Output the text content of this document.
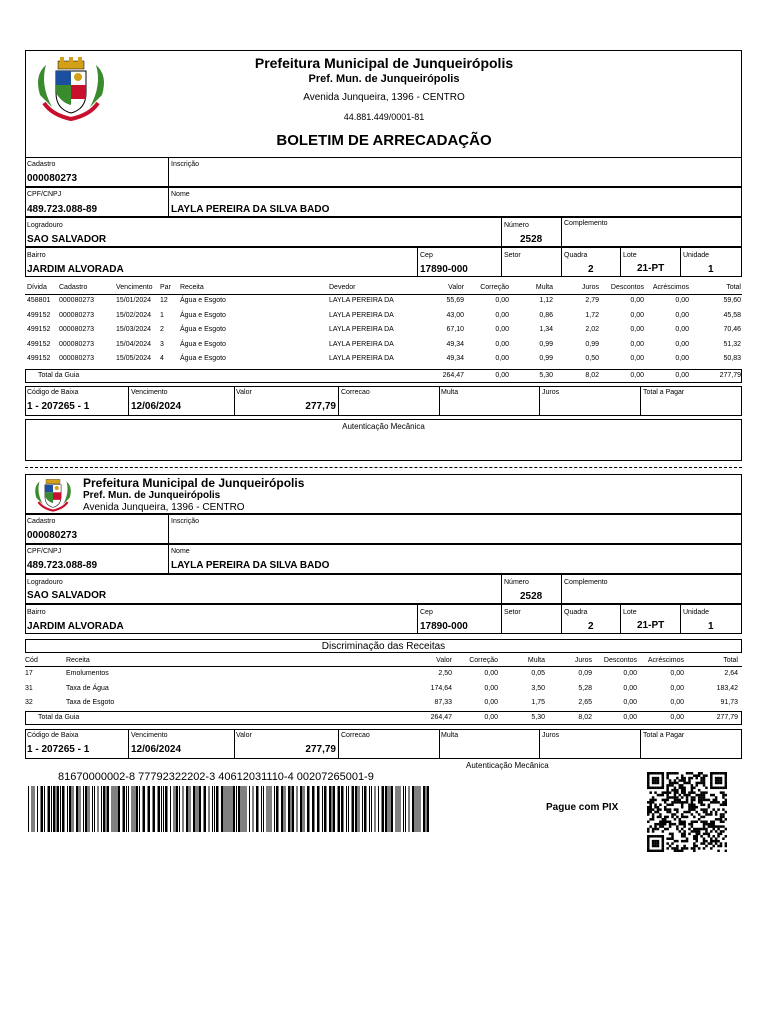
Prefeitura Municipal de Junqueirópolis
Pref. Mun. de Junqueirópolis
Avenida Junqueira, 1396 - CENTRO
44.881.449/0001-81
BOLETIM DE ARRECADAÇÃO
Cadastro
000080273
Inscrição
CPF/CNPJ
489.723.088-89
Nome
LAYLA PEREIRA DA SILVA BADO
Logradouro
SAO SALVADOR
Número
2528
Complemento
Bairro
JARDIM ALVORADA
Cep
17890-000
Setor	Quadra
2
Lote
21-PT
Unidade
1
Total da Guia
Autenticação Mecânica
Prefeitura Municipal de Junqueirópolis
Pref. Mun. de Junqueirópolis
Avenida Junqueira, 1396 - CENTRO
Cadastro
000080273
Inscrição
CPF/CNPJ
489.723.088-89
Nome
LAYLA PEREIRA DA SILVA BADO
Logradouro
SAO SALVADOR
Número
2528
Complemento
Bairro
JARDIM ALVORADA
Cep
17890-000
Setor	Quadra
2
Lote
21-PT
Unidade
1
Discriminação das Receitas
Total da Guia
Autenticação Mecânica
81670000002-8 77792322202-3 40612031110-4 00207265001-9
Pague com PIX
Dívida Cadastro	Vencimento Par Receita	Devedor	Valor Correção	Multa	Juros Descontos Acréscimos	Total
458801 000080273	15/01/2024 12 Água e Esgoto	LAYLA PEREIRA DA	55,69	0,00	1,12	2,79	0,00	0,00	59,60
499152 000080273	15/02/2024 1 Água e Esgoto	LAYLA PEREIRA DA	43,00	0,00	0,86	1,72	0,00	0,00	45,58
499152 000080273	15/03/2024 2 Água e Esgoto	LAYLA PEREIRA DA	67,10	0,00	1,34	2,02	0,00	0,00	70,46
499152 000080273	15/04/2024 3 Água e Esgoto	LAYLA PEREIRA DA	49,34	0,00	0,99	0,99	0,00	0,00	51,32
499152 000080273	15/05/2024 4 Água e Esgoto	LAYLA PEREIRA DA	49,34	0,00	0,99	0,50	0,00	0,00	50,83
264,47	0,00	5,30	8,02	0,00	0,00	277,79
Cód	Receita	Valor Correção	Multa	Juros Descontos Acréscimos	Total
17	Emolumentos	2,50	0,00	0,05	0,09	0,00	0,00	2,64
31	Taxa de Água	174,64	0,00	3,50	5,28	0,00	0,00	183,42
32	Taxa de Esgoto	87,33	0,00	1,75	2,65	0,00	0,00	91,73
264,47	0,00	5,30	8,02	0,00	0,00	277,79
Código de Baixa	Vencimento	Valor	Correcao	Multa	Juros	Total a Pagar
1 - 207265 - 1	12/06/2024	277,79
Código de Baixa	Vencimento	Valor	Correcao	Multa	Juros	Total a Pagar
1 - 207265 - 1	12/06/2024	277,79
